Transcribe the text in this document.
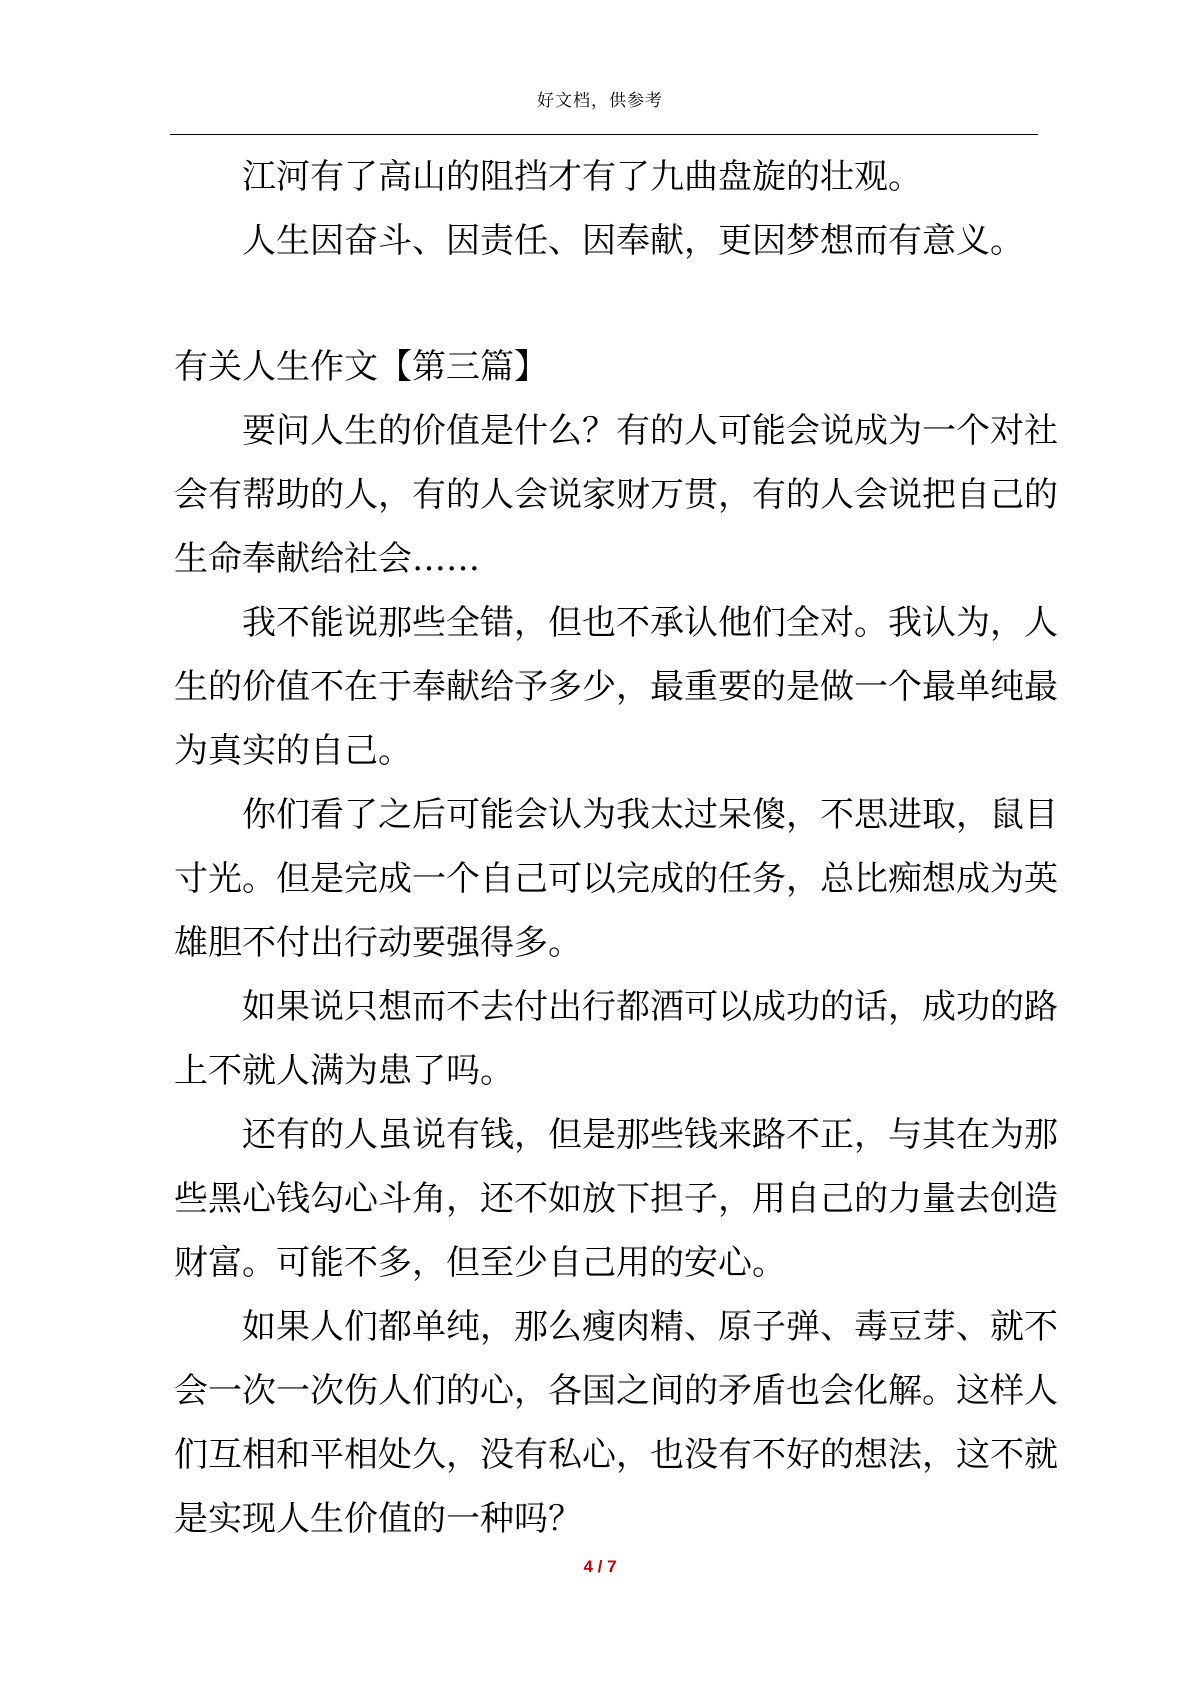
好文档，供参考

江河有了高山的阻挡才有了九曲盘旋的壮观。

人生因奋斗、因责任、因奉献，更因梦想而有意义。

有关人生作文【第三篇】

要问人生的价值是什么？有的人可能会说成为一个对社会有帮助的人，有的人会说家财万贯，有的人会说把自己的生命奉献给社会……

我不能说那些全错，但也不承认他们全对。我认为，人生的价值不在于奉献给予多少，最重要的是做一个最单纯最为真实的自己。

你们看了之后可能会认为我太过呆傻，不思进取，鼠目寸光。但是完成一个自己可以完成的任务，总比痴想成为英雄胆不付出行动要强得多。

如果说只想而不去付出行都酒可以成功的话，成功的路上不就人满为患了吗。

还有的人虽说有钱，但是那些钱来路不正，与其在为那些黑心钱勾心斗角，还不如放下担子，用自己的力量去创造财富。可能不多，但至少自己用的安心。

如果人们都单纯，那么瘦肉精、原子弹、毒豆芽、就不会一次一次伤人们的心，各国之间的矛盾也会化解。这样人们互相和平相处久，没有私心，也没有不好的想法，这不就是实现人生价值的一种吗？

4 / 7
